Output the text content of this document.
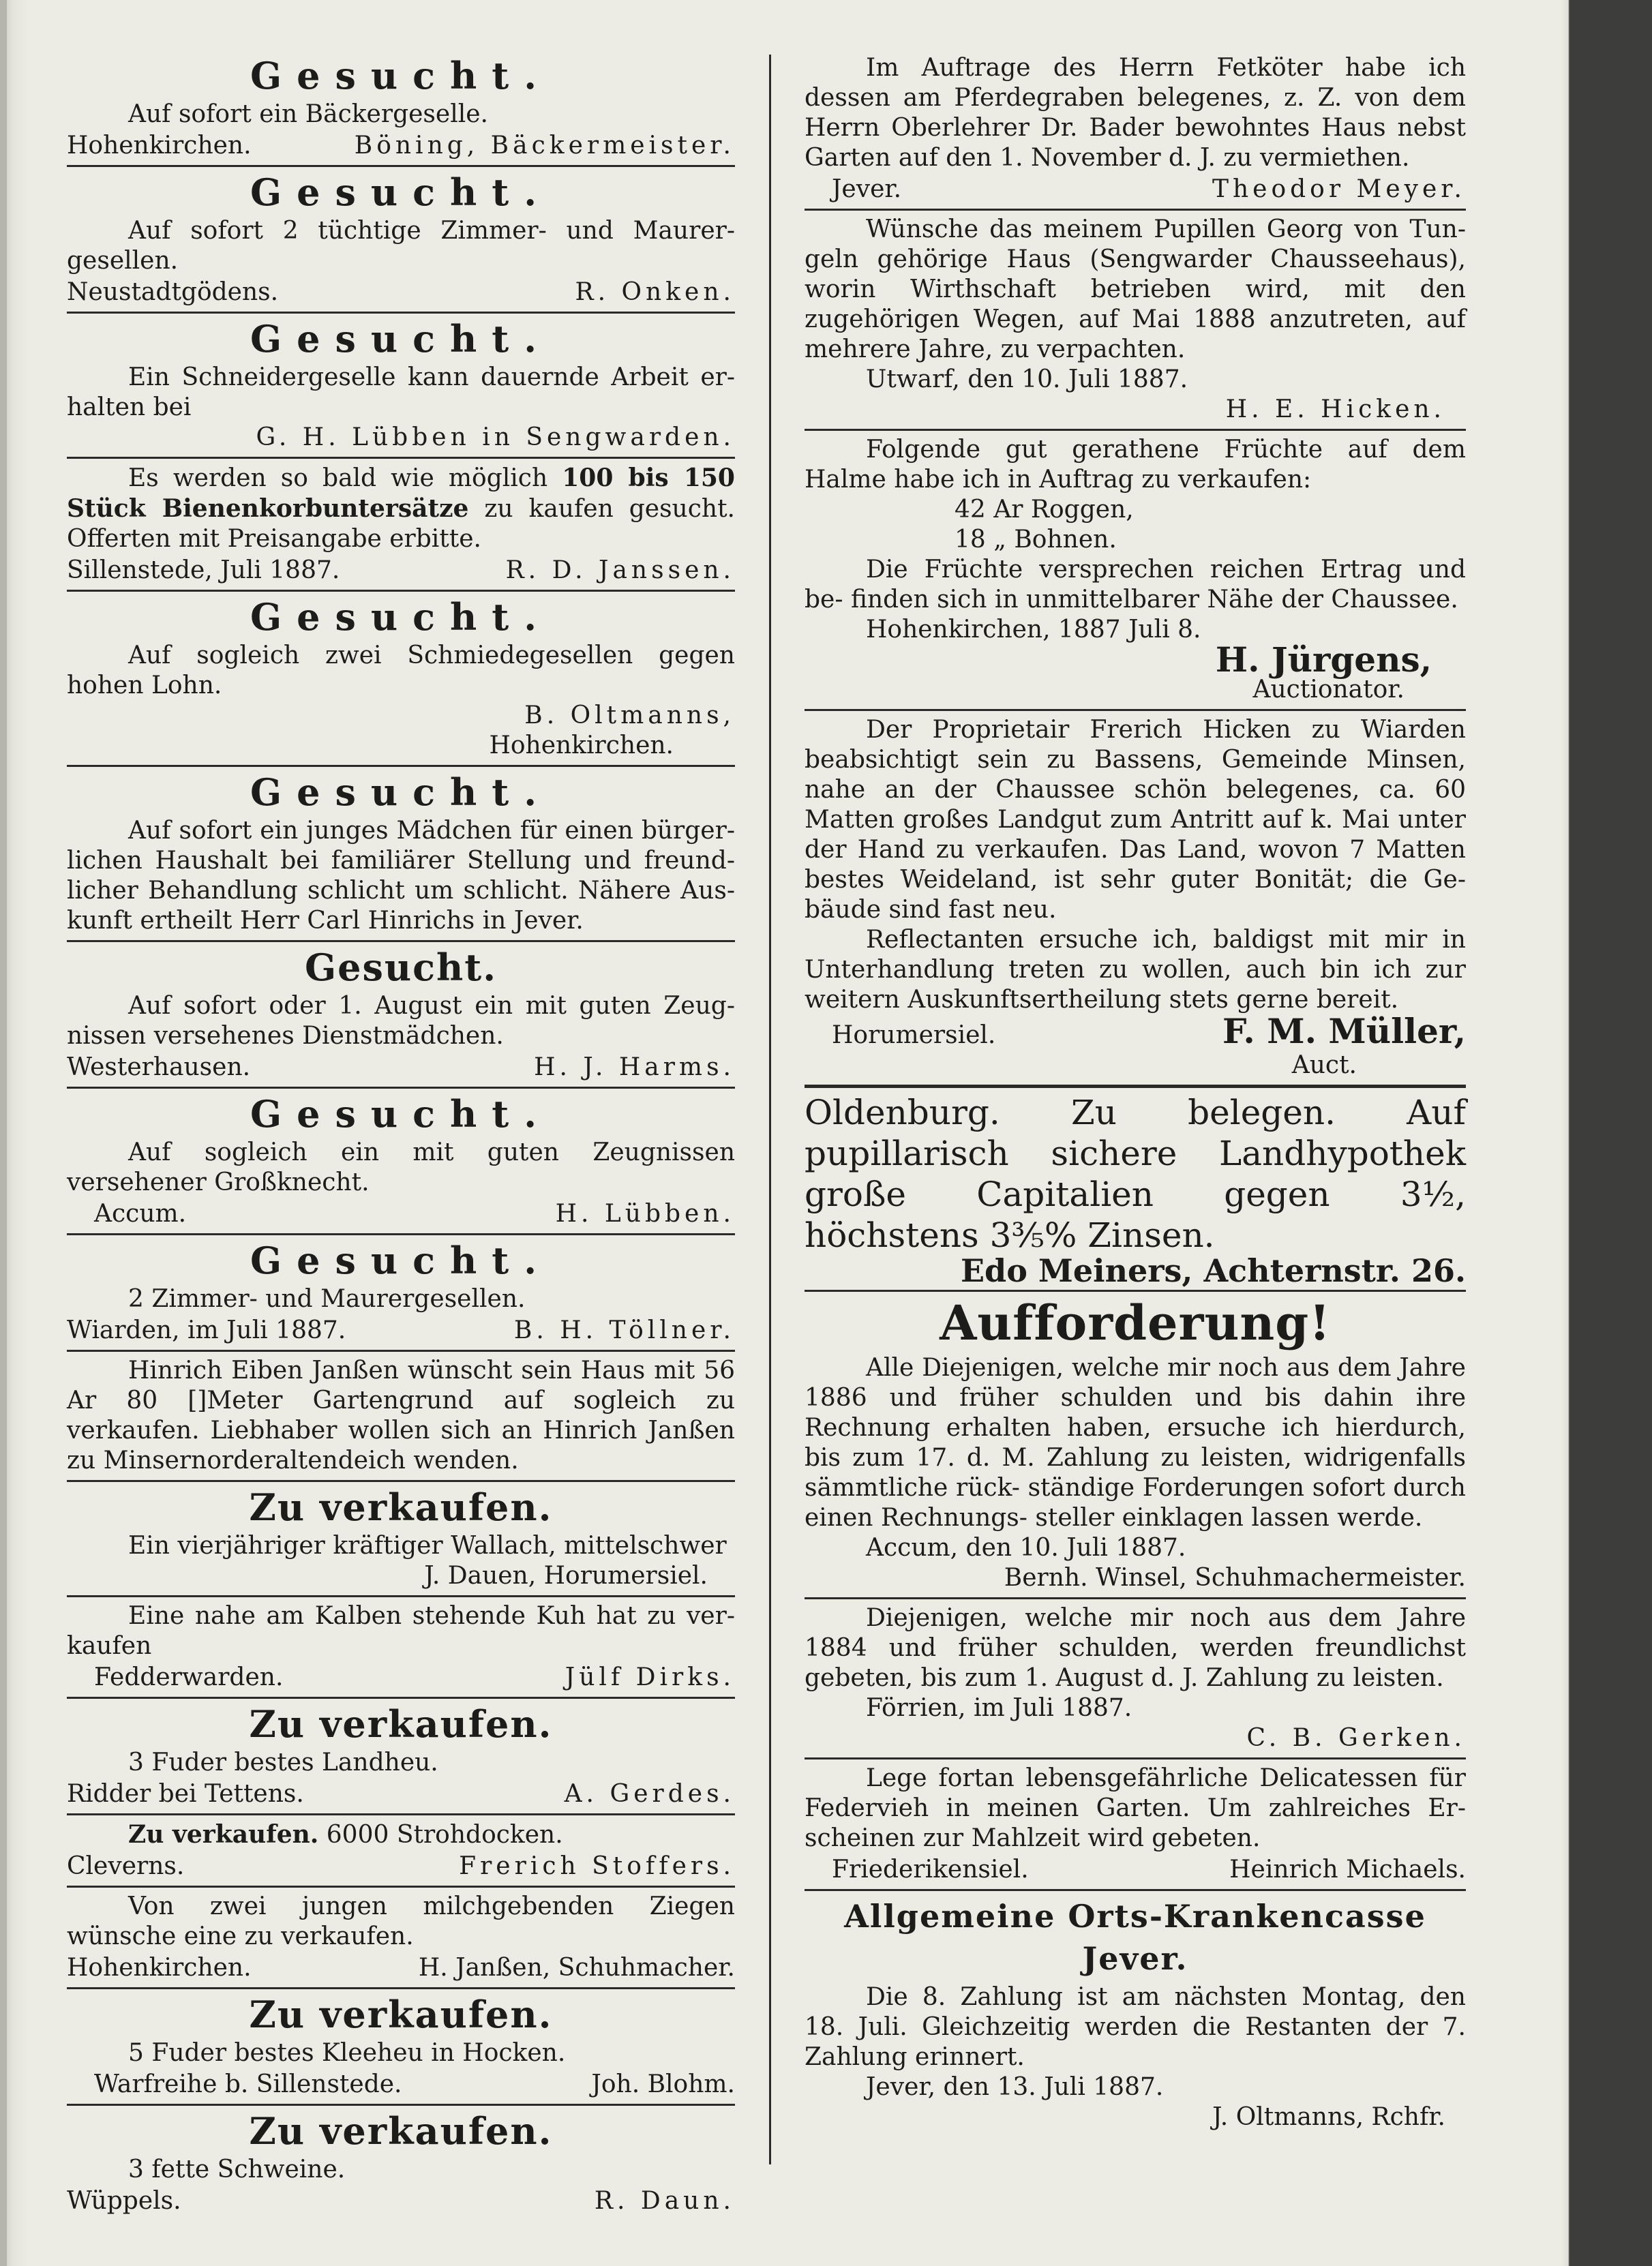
Gesucht.

Auf sofort ein Bäckergeselle.

Hohenkirchen.	Böning, Bäckermeister.
Gesucht.

Auf sofort 2 tüchtige Zimmer- und Maurer- gesellen.

Neustadtgödens.	R. Onken.
Gesucht.

Ein Schneidergeselle kann dauernde Arbeit er- halten bei

G. H. Lübben in Sengwarden.

Es werden so bald wie möglich 100 bis 150 Stück Bienenkorbuntersätze zu kaufen gesucht. Offerten mit Preisangabe erbitte.

Sillenstede, Juli 1887.	R. D. Janssen.
Gesucht.

Auf sogleich zwei Schmiedegesellen gegen hohen Lohn.

B. Oltmanns,
Hohenkirchen.
Gesucht.

Auf sofort ein junges Mädchen für einen bürger- lichen Haushalt bei familiärer Stellung und freund- licher Behandlung schlicht um schlicht. Nähere Aus- kunft ertheilt Herr Carl Hinrichs in Jever.

Gesucht.

Auf sofort oder 1. August ein mit guten Zeug- nissen versehenes Dienstmädchen.

Westerhausen.	H. J. Harms.
Gesucht.

Auf sogleich ein mit guten Zeugnissen versehener Großknecht.

Accum.	H. Lübben.
Gesucht.

2 Zimmer- und Maurergesellen.

Wiarden, im Juli 1887.	B. H. Töllner.

Hinrich Eiben Janßen wünscht sein Haus mit 56 Ar 80 []Meter Gartengrund auf sogleich zu verkaufen. Liebhaber wollen sich an Hinrich Janßen zu Minsernorderaltendeich wenden.

Zu verkaufen.

Ein vierjähriger kräftiger Wallach, mittelschwer

J. Dauen, Horumersiel.

Eine nahe am Kalben stehende Kuh hat zu ver- kaufen

Fedderwarden.	Jülf Dirks.
Zu verkaufen.

3 Fuder bestes Landheu.

Ridder bei Tettens.	A. Gerdes.

Zu verkaufen. 6000 Strohdocken.

Cleverns.	Frerich Stoffers.

Von zwei jungen milchgebenden Ziegen wünsche eine zu verkaufen.

Hohenkirchen.	H. Janßen, Schuhmacher.
Zu verkaufen.

5 Fuder bestes Kleeheu in Hocken.

Warfreihe b. Sillenstede.	Joh. Blohm.
Zu verkaufen.

3 fette Schweine.

Wüppels.	R. Daun.

Im Auftrage des Herrn Fetköter habe ich dessen am Pferdegraben belegenes, z. Z. von dem Herrn Oberlehrer Dr. Bader bewohntes Haus nebst Garten auf den 1. November d. J. zu vermiethen.

Jever.	Theodor Meyer.

Wünsche das meinem Pupillen Georg von Tun- geln gehörige Haus (Sengwarder Chausseehaus), worin Wirthschaft betrieben wird, mit den zugehörigen Wegen, auf Mai 1888 anzutreten, auf mehrere Jahre, zu verpachten.

Utwarf, den 10. Juli 1887.

H. E. Hicken.

Folgende gut gerathene Früchte auf dem Halme habe ich in Auftrag zu verkaufen:

42 Ar Roggen,
18 „ Bohnen.

Die Früchte versprechen reichen Ertrag und be- finden sich in unmittelbarer Nähe der Chaussee.

Hohenkirchen, 1887 Juli 8.

H. Jürgens,
Auctionator.

Der Proprietair Frerich Hicken zu Wiarden beabsichtigt sein zu Bassens, Gemeinde Minsen, nahe an der Chaussee schön belegenes, ca. 60 Matten großes Landgut zum Antritt auf k. Mai unter der Hand zu verkaufen. Das Land, wovon 7 Matten bestes Weideland, ist sehr guter Bonität; die Ge- bäude sind fast neu.

Reflectanten ersuche ich, baldigst mit mir in Unterhandlung treten zu wollen, auch bin ich zur weitern Auskunftsertheilung stets gerne bereit.

Horumersiel.	F. M. Müller,
Auct.

Oldenburg. Zu belegen. Auf pupillarisch sichere Landhypothek große Capitalien gegen 3½, höchstens 3⅗% Zinsen.

Edo Meiners, Achternstr. 26.
Aufforderung!

Alle Diejenigen, welche mir noch aus dem Jahre 1886 und früher schulden und bis dahin ihre Rechnung erhalten haben, ersuche ich hierdurch, bis zum 17. d. M. Zahlung zu leisten, widrigenfalls sämmtliche rück- ständige Forderungen sofort durch einen Rechnungs- steller einklagen lassen werde.

Accum, den 10. Juli 1887.

Bernh. Winsel, Schuhmachermeister.

Diejenigen, welche mir noch aus dem Jahre 1884 und früher schulden, werden freundlichst gebeten, bis zum 1. August d. J. Zahlung zu leisten.

Förrien, im Juli 1887.

C. B. Gerken.

Lege fortan lebensgefährliche Delicatessen für Federvieh in meinen Garten. Um zahlreiches Er- scheinen zur Mahlzeit wird gebeten.

Friederikensiel.	Heinrich Michaels.
Allgemeine Orts-Krankencasse Jever.

Die 8. Zahlung ist am nächsten Montag, den 18. Juli. Gleichzeitig werden die Restanten der 7. Zahlung erinnert.

Jever, den 13. Juli 1887.

J. Oltmanns, Rchfr.
